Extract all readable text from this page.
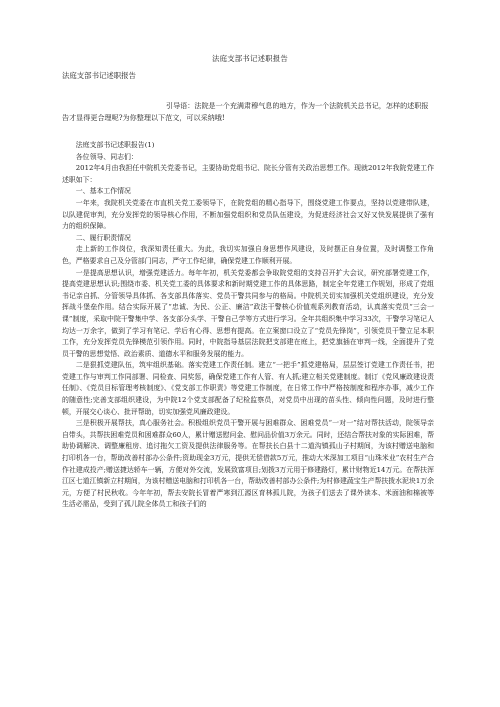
法庭支部书记述职报告
法庭支部书记述职报告
引导语：法院是一个充满肃穆气息的地方，作为一个法院机关总书记，怎样的述职报告才显得更合理呢?为你整理以下范文，可以采纳哦!

法庭支部书记述职报告(1)

各位领导、同志们：

2012年4月由我担任中院机关党委书记，主要协助党组书记、院长分管有关政治思想工作。现就2012年我院党建工作述职如下：

一、基本工作情况

一年来，我院机关党委在市直机关党工委领导下，在院党组的精心指导下，围绕党建工作要点，坚持以党建带队建，以队建促审判，充分发挥党的领导核心作用，不断加强党组织和党员队伍建设，为促进经济社会又好又快发展提供了强有力的组织保障。

二、履行职责情况

走上新的工作岗位，我深知责任重大。为此，我切实加强自身思想作风建设，及时摆正自身位置，及时调整工作角色，严格要求自己及分管部门同志，严守工作纪律，确保党建工作顺利开展。

一是提高思想认识，增强党建活力。每年年初，机关党委都会争取院党组的支持召开扩大会议，研究部署党建工作，提高党建思想认识;围绕市委、机关党工委的具体要求和新时期党建工作的具体思路，制定全年党建工作规划，形成了党组书记亲自抓、分管领导具体抓、各支部具体落实、党员干警共同参与的格局。中院机关切实加强机关党组织建设，充分发挥战斗堡垒作用。结合实际开展了“忠诚、为民、公正、廉洁”政法干警核心价值观系列教育活动，认真落实党员“三会一课”制度，采取中院干警集中学、各支部分头学、干警自己学等方式进行学习。全年共组织集中学习33次，干警学习笔记人均达一万余字，做到了学习有笔记、学后有心得、思想有提高。在立案窗口设立了“党员先锋岗”，引领党员干警立足本职工作，充分发挥党员先锋模范引领作用。同时，中院指导基层法院把支部建在庭上，把党旗插在审判一线，全面提升了党员干警的思想觉悟、政治素质、道德水平和服务发展的能力。

二是狠抓党建队伍，筑牢组织基础。落实党建工作责任制。建立“一把手”抓党建格局，层层签订党建工作责任书，把党建工作与审判工作同部署、同检查、同奖惩，确保党建工作有人管、有人抓;建立相关党建制度。制订《党风廉政建设责任制》、《党员目标管理考核制度》、《党支部工作职责》等党建工作制度，在日常工作中严格按制度和程序办事，减少工作的随意性;完善支部组织建设，为中院12个党支部配备了纪检监察员，对党员中出现的苗头性、倾向性问题，及时进行整顿，开展交心谈心、批评帮助，切实加强党风廉政建设。

三是积极开展帮扶，真心服务社会。积极组织党员干警开展与困难群众、困难党员“一对一”结对帮扶活动，院领导亲自带头，共帮扶困难党员和困难群众60人，累计赠送慰问金、慰问品价值3万余元。同时，还结合帮扶对象的实际困难，帮助协调解决、调整廉租房、追讨拖欠工资及提供法律服务等。在帮扶长白县十二道沟镇孤山子村期间，为该村赠送电脑和打印机各一台，帮助改善村部办公条件;资助现金3万元，提供无偿借款5万元，推动大米深加工项目“山珠米业”农村生产合作社建成投产;赠送捷达轿车一辆，方便对外交流，发展致富项目;划拨3万元用于修建路灯，累计财物近14万元。在帮扶浑江区七道江镇新立村期间，为该村赠送电脑和打印机各一台，帮助改善村部办公条件;为村修建蔬宝生产帮扶拨水泥块1万余元，方便了村民秋收。今年年初，帮去安院长冒着严寒到江源区育林孤儿院，为孩子们送去了课外读本、米面油和棉被等生活必需品，受到了孤儿院全体员工和孩子们的
